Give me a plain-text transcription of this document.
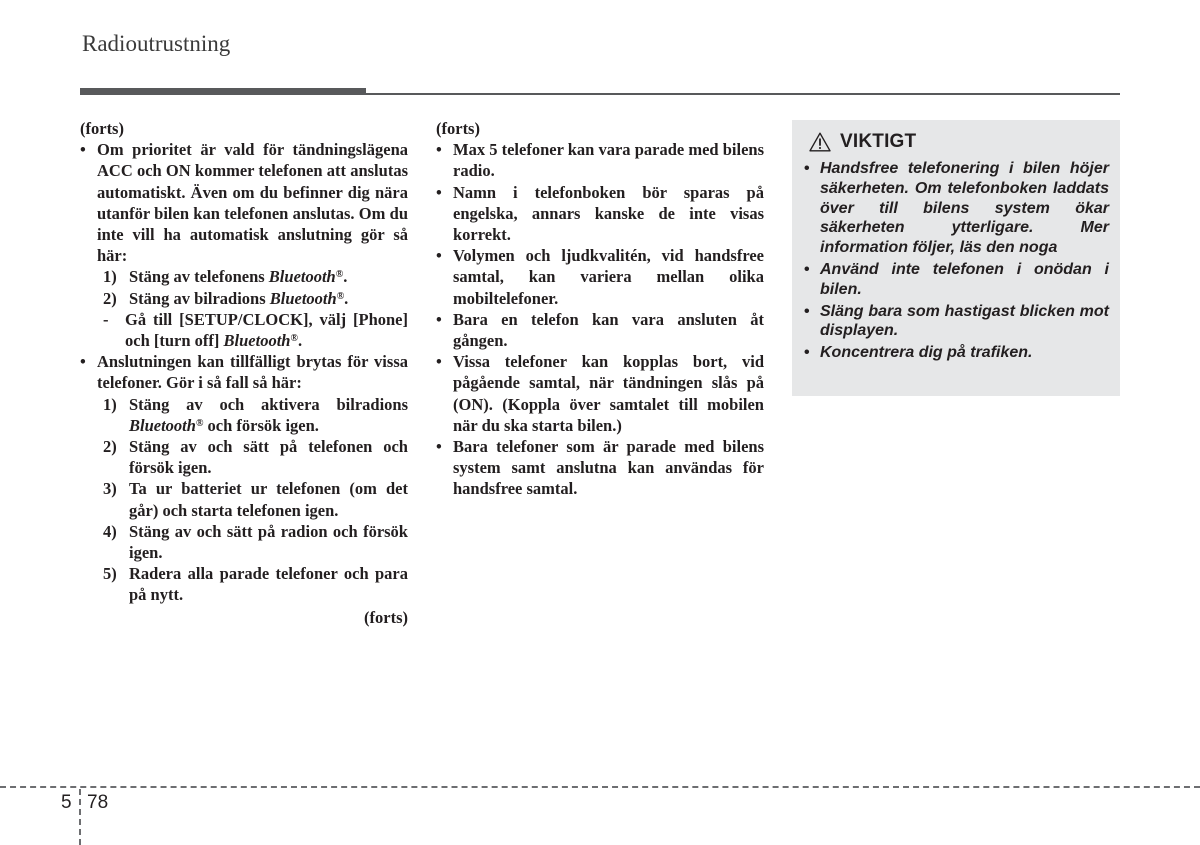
Radioutrustning
(forts)
• Om prioritet är vald för tändningslägena ACC och ON kommer telefonen att anslutas automatiskt. Även om du befinner dig nära utanför bilen kan telefonen anslutas. Om du inte vill ha automatisk anslutning gör så här:
1) Stäng av telefonens Bluetooth®.
2) Stäng av bilradions Bluetooth®.
-	Gå till [SETUP/CLOCK], välj [Phone] och [turn off] Bluetooth®.
• Anslutningen kan tillfälligt brytas för vissa telefoner. Gör i så fall så här:
1) Stäng av och aktivera bilradions Bluetooth® och försök igen.
2) Stäng av och sätt på telefonen och försök igen.
3) Ta ur batteriet ur telefonen (om det går) och starta telefonen igen.
4) Stäng av och sätt på radion och försök igen.
5) Radera alla parade telefoner och para på nytt.
(forts)
(forts)
• Max 5 telefoner kan vara parade med bilens radio.
• Namn i telefonboken bör sparas på engelska, annars kanske de inte visas korrekt.
• Volymen och ljudkvalitén, vid handsfree samtal, kan variera mellan olika mobiltelefoner.
• Bara en telefon kan vara ansluten åt gången.
• Vissa telefoner kan kopplas bort, vid pågående samtal, när tändningen slås på (ON). (Koppla över samtalet till mobilen när du ska starta bilen.)
• Bara telefoner som är parade med bilens system samt anslutna kan användas för handsfree samtal.
VIKTIGT
• Handsfree telefonering i bilen höjer säkerheten. Om telefonboken laddats över till bilens system ökar säkerheten ytterligare. Mer information följer, läs den noga
• Använd inte telefonen i onödan i bilen.
• Släng bara som hastigast blicken mot displayen.
• Koncentrera dig på trafiken.
5 78
